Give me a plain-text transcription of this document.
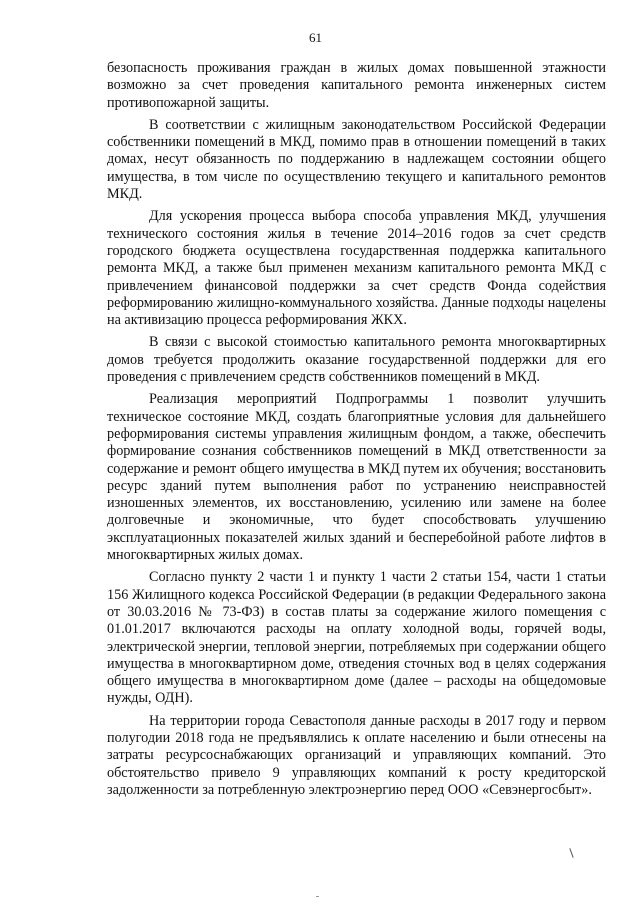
61

безопасность проживания граждан в жилых домах повышенной этажности возможно за счет проведения капитального ремонта инженерных систем противопожарной защиты.

В соответствии с жилищным законодательством Российской Федерации собственники помещений в МКД, помимо прав в отношении помещений в таких домах, несут обязанность по поддержанию в надлежащем состоянии общего имущества, в том числе по осуществлению текущего и капитального ремонтов МКД.

Для ускорения процесса выбора способа управления МКД, улучшения технического состояния жилья в течение 2014–2016 годов за счет средств городского бюджета осуществлена государственная поддержка капитального ремонта МКД, а также был применен механизм капитального ремонта МКД с привлечением финансовой поддержки за счет средств Фонда содействия реформированию жилищно-коммунального хозяйства. Данные подходы нацелены на активизацию процесса реформирования ЖКХ.

В связи с высокой стоимостью капитального ремонта многоквартирных домов требуется продолжить оказание государственной поддержки для его проведения с привлечением средств собственников помещений в МКД.

Реализация мероприятий Подпрограммы 1 позволит улучшить техническое состояние МКД, создать благоприятные условия для дальнейшего реформирования системы управления жилищным фондом, а также, обеспечить формирование сознания собственников помещений в МКД ответственности за содержание и ремонт общего имущества в МКД путем их обучения; восстановить ресурс зданий путем выполнения работ по устранению неисправностей изношенных элементов, их восстановлению, усилению или замене на более долговечные и экономичные, что будет способствовать улучшению эксплуатационных показателей жилых зданий и бесперебойной работе лифтов в многоквартирных жилых домах.

Согласно пункту 2 части 1 и пункту 1 части 2 статьи 154, части 1 статьи 156 Жилищного кодекса Российской Федерации (в редакции Федерального закона от 30.03.2016 № 73-ФЗ) в состав платы за содержание жилого помещения с 01.01.2017 включаются расходы на оплату холодной воды, горячей воды, электрической энергии, тепловой энергии, потребляемых при содержании общего имущества в многоквартирном доме, отведения сточных вод в целях содержания общего имущества в многоквартирном доме (далее – расходы на общедомовые нужды, ОДН).

На территории города Севастополя данные расходы в 2017 году и первом полугодии 2018 года не предъявлялись к оплате населению и были отнесены на затраты ресурсоснабжающих организаций и управляющих компаний. Это обстоятельство привело 9 управляющих компаний к росту кредиторской задолженности за потребленную электроэнергию перед ООО «Севэнергосбыт».
